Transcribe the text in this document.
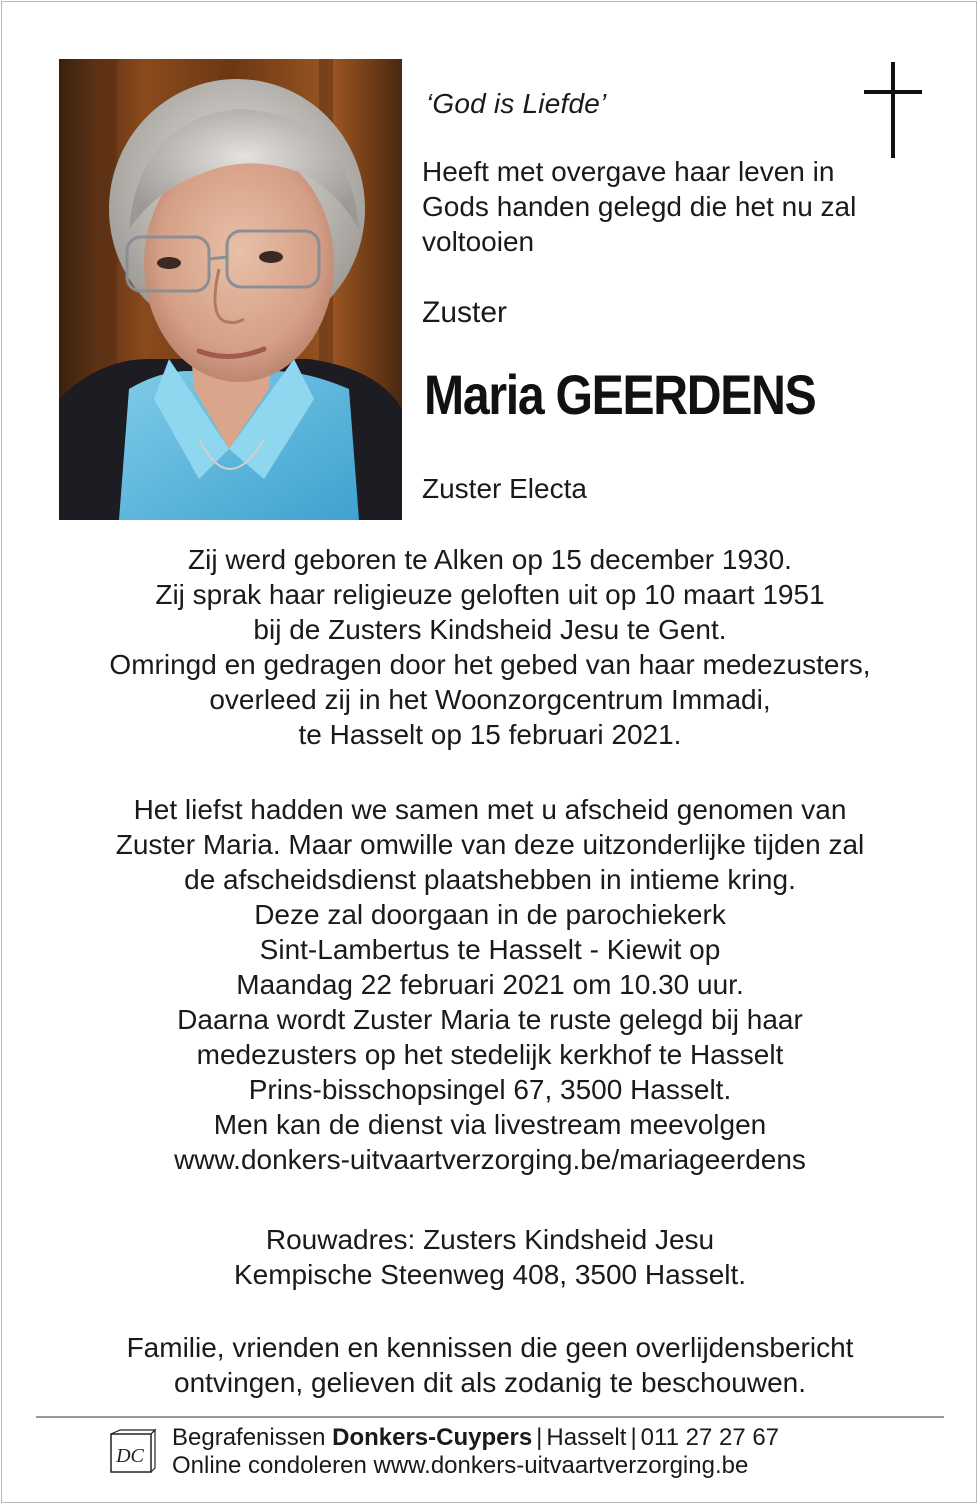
‘God is Liefde’
Heeft met overgave haar leven in Gods handen gelegd die het nu zal voltooien
Zuster
Maria GEERDENS
Zuster Electa
Zij werd geboren te Alken op 15 december 1930.
Zij sprak haar religieuze geloften uit op 10 maart 1951
bij de Zusters Kindsheid Jesu te Gent.
Omringd en gedragen door het gebed van haar medezusters,
overleed zij in het Woonzorgcentrum Immadi,
te Hasselt op 15 februari 2021.
Het liefst hadden we samen met u afscheid genomen van
Zuster Maria. Maar omwille van deze uitzonderlijke tijden zal
de afscheidsdienst plaatshebben in intieme kring.
Deze zal doorgaan in de parochiekerk
Sint-Lambertus te Hasselt - Kiewit op
Maandag 22 februari 2021 om 10.30 uur.
Daarna wordt Zuster Maria te ruste gelegd bij haar
medezusters op het stedelijk kerkhof te Hasselt
Prins-bisschopsingel 67, 3500 Hasselt.
Men kan de dienst via livestream meevolgen
www.donkers-uitvaartverzorging.be/mariageerdens
Rouwadres: Zusters Kindsheid Jesu
Kempische Steenweg 408, 3500 Hasselt.
Familie, vrienden en kennissen die geen overlijdensbericht
ontvingen, gelieven dit als zodanig te beschouwen.
DC
Begrafenissen Donkers-Cuypers | Hasselt | 011 27 27 67
Online condoleren www.donkers-uitvaartverzorging.be
